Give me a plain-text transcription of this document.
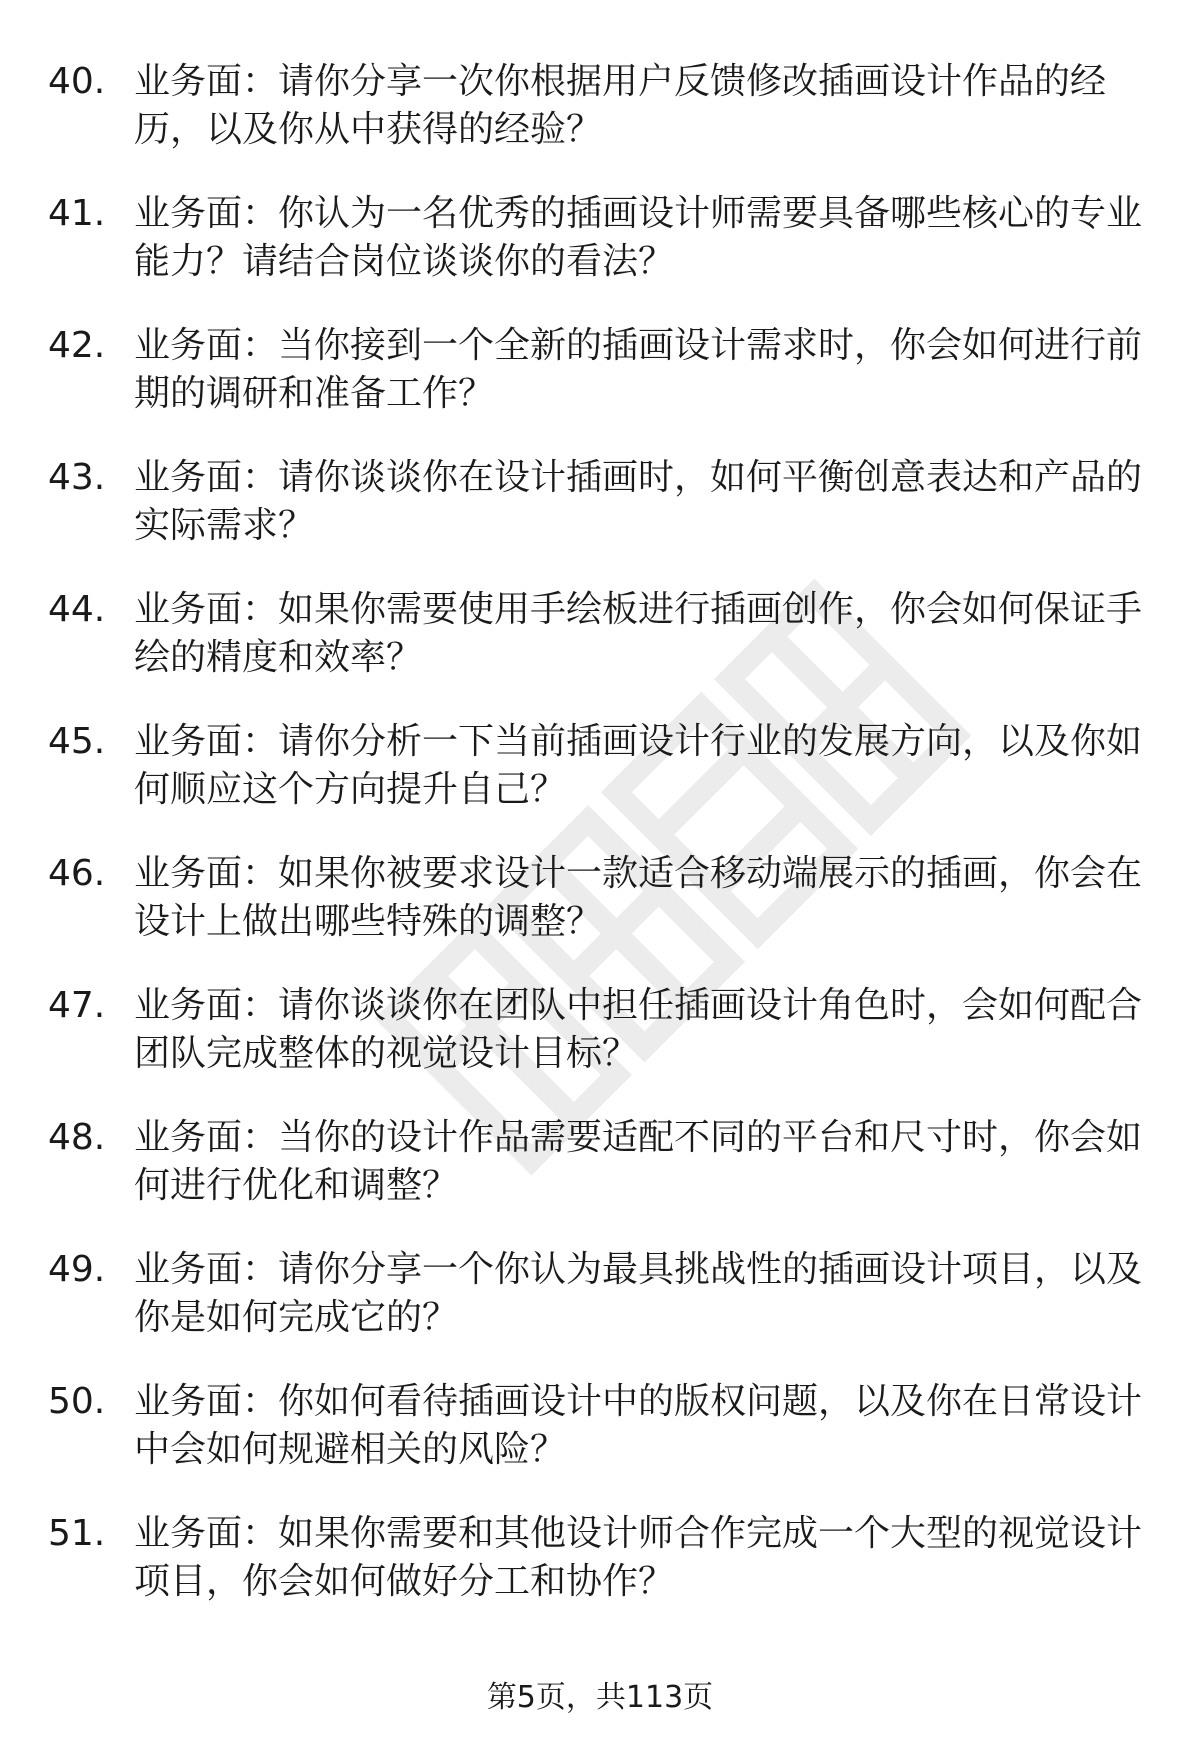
40. 业务面：请你分享一次你根据用户反馈修改插画设计作品的经历，以及你从中获得的经验？
41. 业务面：你认为一名优秀的插画设计师需要具备哪些核心的专业能力？请结合岗位谈谈你的看法？
42. 业务面：当你接到一个全新的插画设计需求时，你会如何进行前期的调研和准备工作？
43. 业务面：请你谈谈你在设计插画时，如何平衡创意表达和产品的实际需求？
44. 业务面：如果你需要使用手绘板进行插画创作，你会如何保证手绘的精度和效率？
45. 业务面：请你分析一下当前插画设计行业的发展方向，以及你如何顺应这个方向提升自己？
46. 业务面：如果你被要求设计一款适合移动端展示的插画，你会在设计上做出哪些特殊的调整？
47. 业务面：请你谈谈你在团队中担任插画设计角色时，会如何配合团队完成整体的视觉设计目标？
48. 业务面：当你的设计作品需要适配不同的平台和尺寸时，你会如何进行优化和调整？
49. 业务面：请你分享一个你认为最具挑战性的插画设计项目，以及你是如何完成它的？
50. 业务面：你如何看待插画设计中的版权问题，以及你在日常设计中会如何规避相关的风险？
51. 业务面：如果你需要和其他设计师合作完成一个大型的视觉设计项目，你会如何做好分工和协作？
第5页，共113页
